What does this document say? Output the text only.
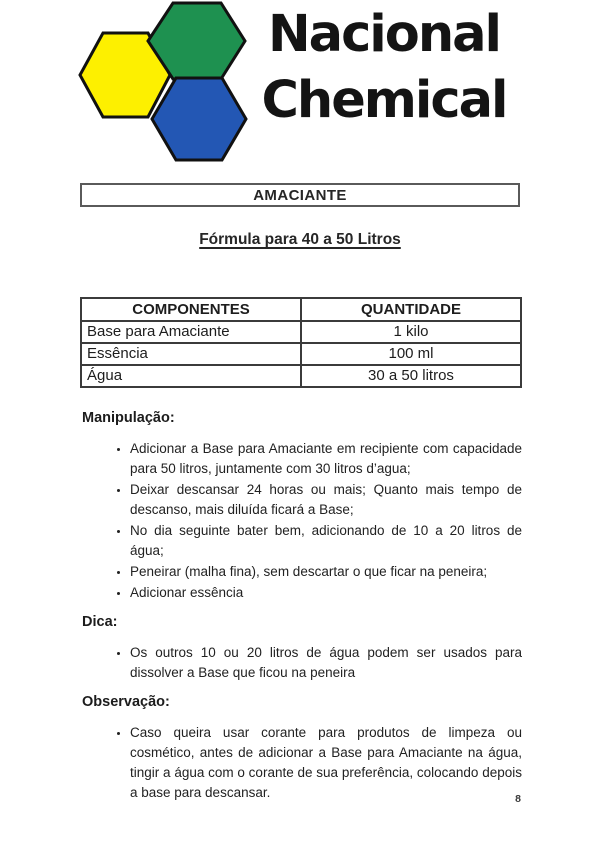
Nacional
Chemical
AMACIANTE
Fórmula para 40 a 50 Litros
COMPONENTES	QUANTIDADE
Base para Amaciante	1 kilo
Essência	100 ml
Água	30 a 50 litros
Manipulação:
• Adicionar a Base para Amaciante em recipiente com capacidade para 50 litros, juntamente com 30 litros d’agua;
• Deixar descansar 24 horas ou mais; Quanto mais tempo de descanso, mais diluída ficará a Base;
• No dia seguinte bater bem, adicionando de 10 a 20 litros de água;
• Peneirar (malha fina), sem descartar o que ficar na peneira;
• Adicionar essência
Dica:
• Os outros 10 ou 20 litros de água podem ser usados para dissolver a Base que ficou na peneira
Observação:
• Caso queira usar corante para produtos de limpeza ou cosmético, antes de adicionar a Base para Amaciante na água, tingir a água com o corante de sua preferência, colocando depois a base para descansar.	8
